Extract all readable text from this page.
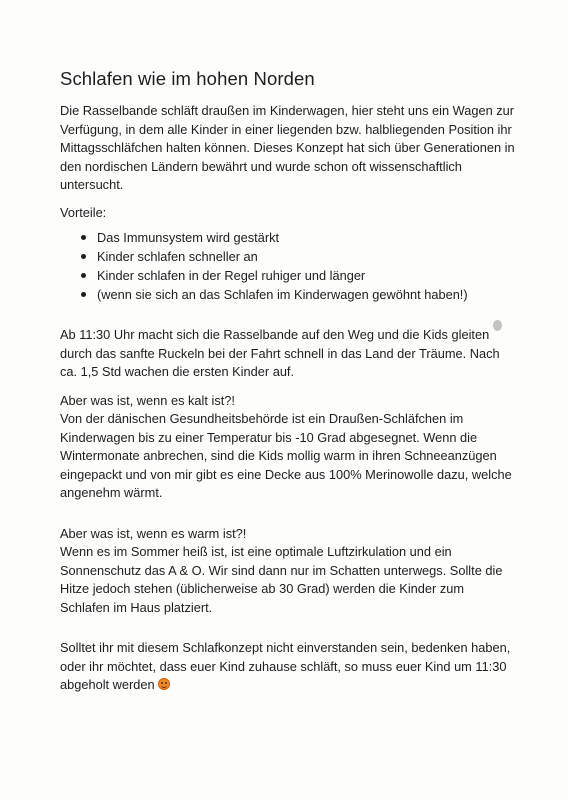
Schlafen wie im hohen Norden

Die Rasselbande schläft draußen im Kinderwagen, hier steht uns ein Wagen zur Verfügung, in dem alle Kinder in einer liegenden bzw. halbliegenden Position ihr Mittagsschläfchen halten können. Dieses Konzept hat sich über Generationen in den nordischen Ländern bewährt und wurde schon oft wissenschaftlich untersucht.

Vorteile:

Das Immunsystem wird gestärkt
Kinder schlafen schneller an
Kinder schlafen in der Regel ruhiger und länger
(wenn sie sich an das Schlafen im Kinderwagen gewöhnt haben!)

Ab 11:30 Uhr macht sich die Rasselbande auf den Weg und die Kids gleiten durch das sanfte Ruckeln bei der Fahrt schnell in das Land der Träume. Nach ca. 1,5 Std wachen die ersten Kinder auf.

Aber was ist, wenn es kalt ist?!

Von der dänischen Gesundheitsbehörde ist ein Draußen-Schläfchen im Kinderwagen bis zu einer Temperatur bis -10 Grad abgesegnet. Wenn die Wintermonate anbrechen, sind die Kids mollig warm in ihren Schneeanzügen eingepackt und von mir gibt es eine Decke aus 100% Merinowolle dazu, welche angenehm wärmt.

Aber was ist, wenn es warm ist?!

Wenn es im Sommer heiß ist, ist eine optimale Luftzirkulation und ein Sonnenschutz das A & O. Wir sind dann nur im Schatten unterwegs. Sollte die Hitze jedoch stehen (üblicherweise ab 30 Grad) werden die Kinder zum Schlafen im Haus platziert.

Solltet ihr mit diesem Schlafkonzept nicht einverstanden sein, bedenken haben, oder ihr möchtet, dass euer Kind zuhause schläft, so muss euer Kind um 11:30 abgeholt werden
